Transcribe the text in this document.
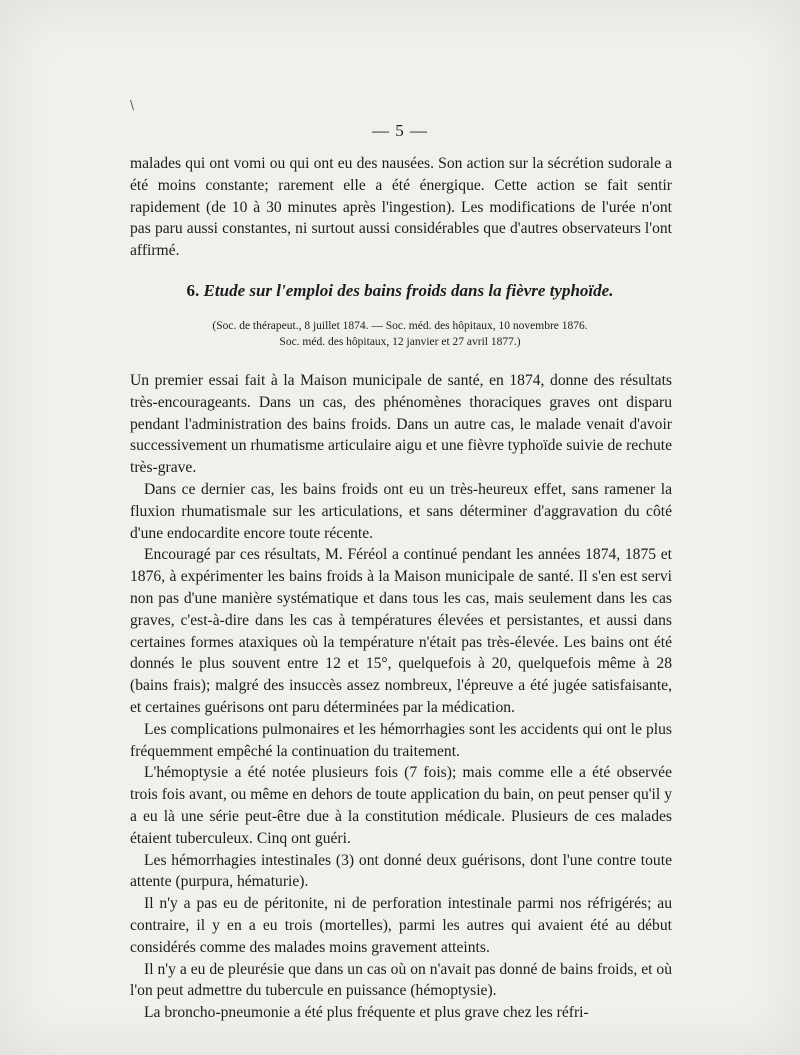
\
— 5 —

malades qui ont vomi ou qui ont eu des nausées. Son action sur la sécrétion sudorale a été moins constante; rarement elle a été énergique. Cette action se fait sentir rapidement (de 10 à 30 minutes après l'ingestion). Les modifications de l'urée n'ont pas paru aussi constantes, ni surtout aussi considérables que d'autres observateurs l'ont affirmé.

6. Etude sur l'emploi des bains froids dans la fièvre typhoïde.
(Soc. de thérapeut., 8 juillet 1874. — Soc. méd. des hôpitaux, 10 novembre 1876.
Soc. méd. des hôpitaux, 12 janvier et 27 avril 1877.)

Un premier essai fait à la Maison municipale de santé, en 1874, donne des résultats très-encourageants. Dans un cas, des phénomènes thoraciques graves ont disparu pendant l'administration des bains froids. Dans un autre cas, le malade venait d'avoir successivement un rhumatisme articulaire aigu et une fièvre typhoïde suivie de rechute très-grave.

Dans ce dernier cas, les bains froids ont eu un très-heureux effet, sans ramener la fluxion rhumatismale sur les articulations, et sans déterminer d'aggravation du côté d'une endocardite encore toute récente.

Encouragé par ces résultats, M. Féréol a continué pendant les années 1874, 1875 et 1876, à expérimenter les bains froids à la Maison municipale de santé. Il s'en est servi non pas d'une manière systématique et dans tous les cas, mais seulement dans les cas graves, c'est-à-dire dans les cas à températures élevées et persistantes, et aussi dans certaines formes ataxiques où la température n'était pas très-élevée. Les bains ont été donnés le plus souvent entre 12 et 15°, quelquefois à 20, quelquefois même à 28 (bains frais); malgré des insuccès assez nombreux, l'épreuve a été jugée satisfaisante, et certaines guérisons ont paru déterminées par la médication.

Les complications pulmonaires et les hémorrhagies sont les accidents qui ont le plus fréquemment empêché la continuation du traitement.

L'hémoptysie a été notée plusieurs fois (7 fois); mais comme elle a été observée trois fois avant, ou même en dehors de toute application du bain, on peut penser qu'il y a eu là une série peut-être due à la constitution médicale. Plusieurs de ces malades étaient tuberculeux. Cinq ont guéri.

Les hémorrhagies intestinales (3) ont donné deux guérisons, dont l'une contre toute attente (purpura, hématurie).

Il n'y a pas eu de péritonite, ni de perforation intestinale parmi nos réfrigérés; au contraire, il y en a eu trois (mortelles), parmi les autres qui avaient été au début considérés comme des malades moins gravement atteints.

Il n'y a eu de pleurésie que dans un cas où on n'avait pas donné de bains froids, et où l'on peut admettre du tubercule en puissance (hémoptysie).

La broncho-pneumonie a été plus fréquente et plus grave chez les réfri-
